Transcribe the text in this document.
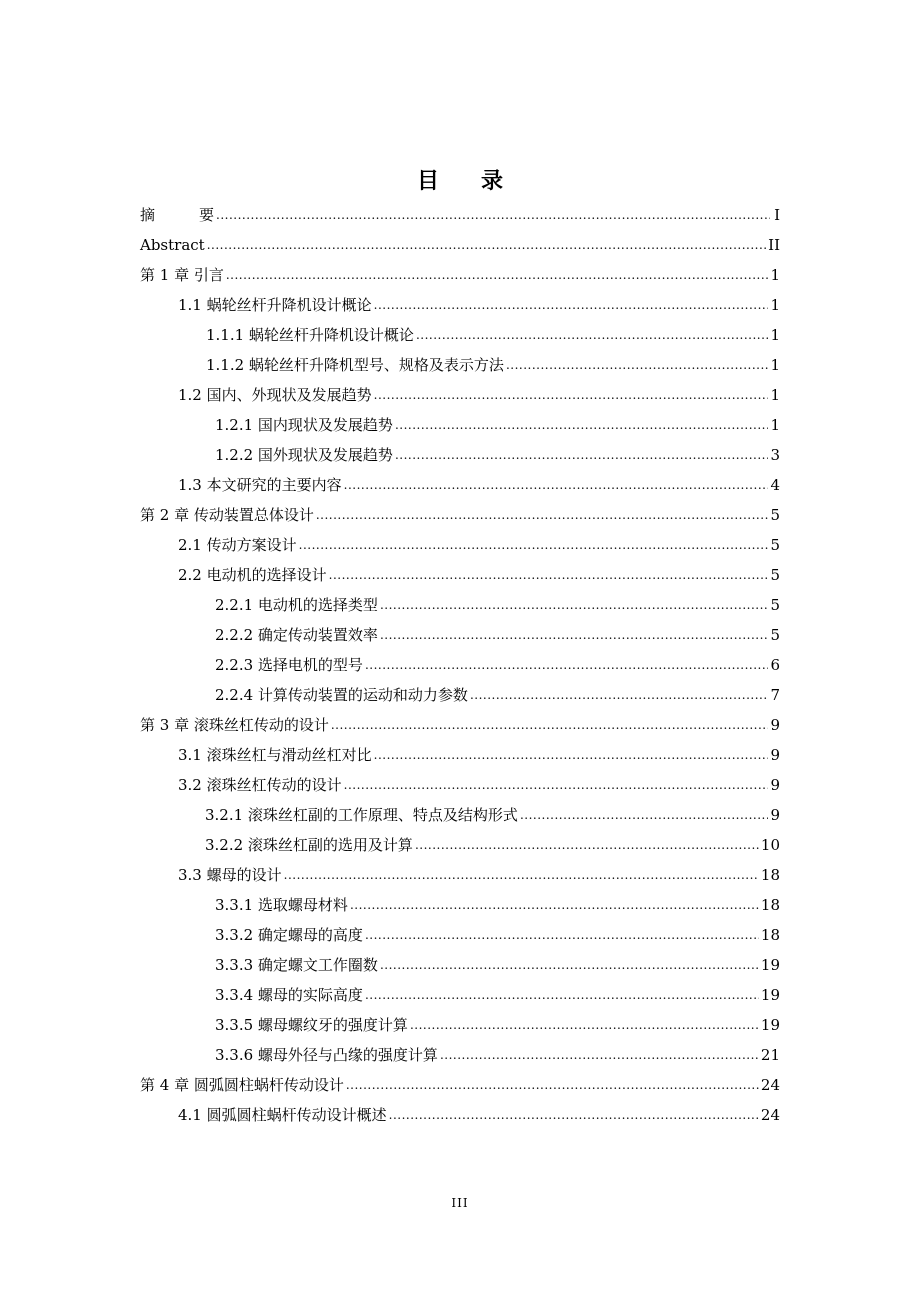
目 录
摘	要 .....	I
Abstract .....	II
第 1 章 引言 .....	1
1.1 蜗轮丝杆升降机设计概论 .....	1
1.1.1 蜗轮丝杆升降机设计概论 .....	1
1.1.2 蜗轮丝杆升降机型号、规格及表示方法 .....	1
1.2 国内、外现状及发展趋势 .....	1
1.2.1 国内现状及发展趋势 .....	1
1.2.2 国外现状及发展趋势 .....	3
1.3 本文研究的主要内容 .....	4
第 2 章 传动装置总体设计 .....	5
2.1 传动方案设计 .....	5
2.2 电动机的选择设计 .....	5
2.2.1 电动机的选择类型 .....	5
2.2.2 确定传动装置效率 .....	5
2.2.3 选择电机的型号 .....	6
2.2.4 计算传动装置的运动和动力参数 .....	7
第 3 章 滚珠丝杠传动的设计 .....	9
3.1 滚珠丝杠与滑动丝杠对比 .....	9
3.2 滚珠丝杠传动的设计 .....	9
3.2.1 滚珠丝杠副的工作原理、特点及结构形式 .....	9
3.2.2 滚珠丝杠副的选用及计算 .....	10
3.3 螺母的设计 .....	18
3.3.1 选取螺母材料 .....	18
3.3.2 确定螺母的高度 .....	18
3.3.3 确定螺文工作圈数 .....	19
3.3.4 螺母的实际高度 .....	19
3.3.5 螺母螺纹牙的强度计算 .....	19
3.3.6 螺母外径与凸缘的强度计算 .....	21
第 4 章 圆弧圆柱蜗杆传动设计 .....	24
4.1 圆弧圆柱蜗杆传动设计概述 .....	24
III
